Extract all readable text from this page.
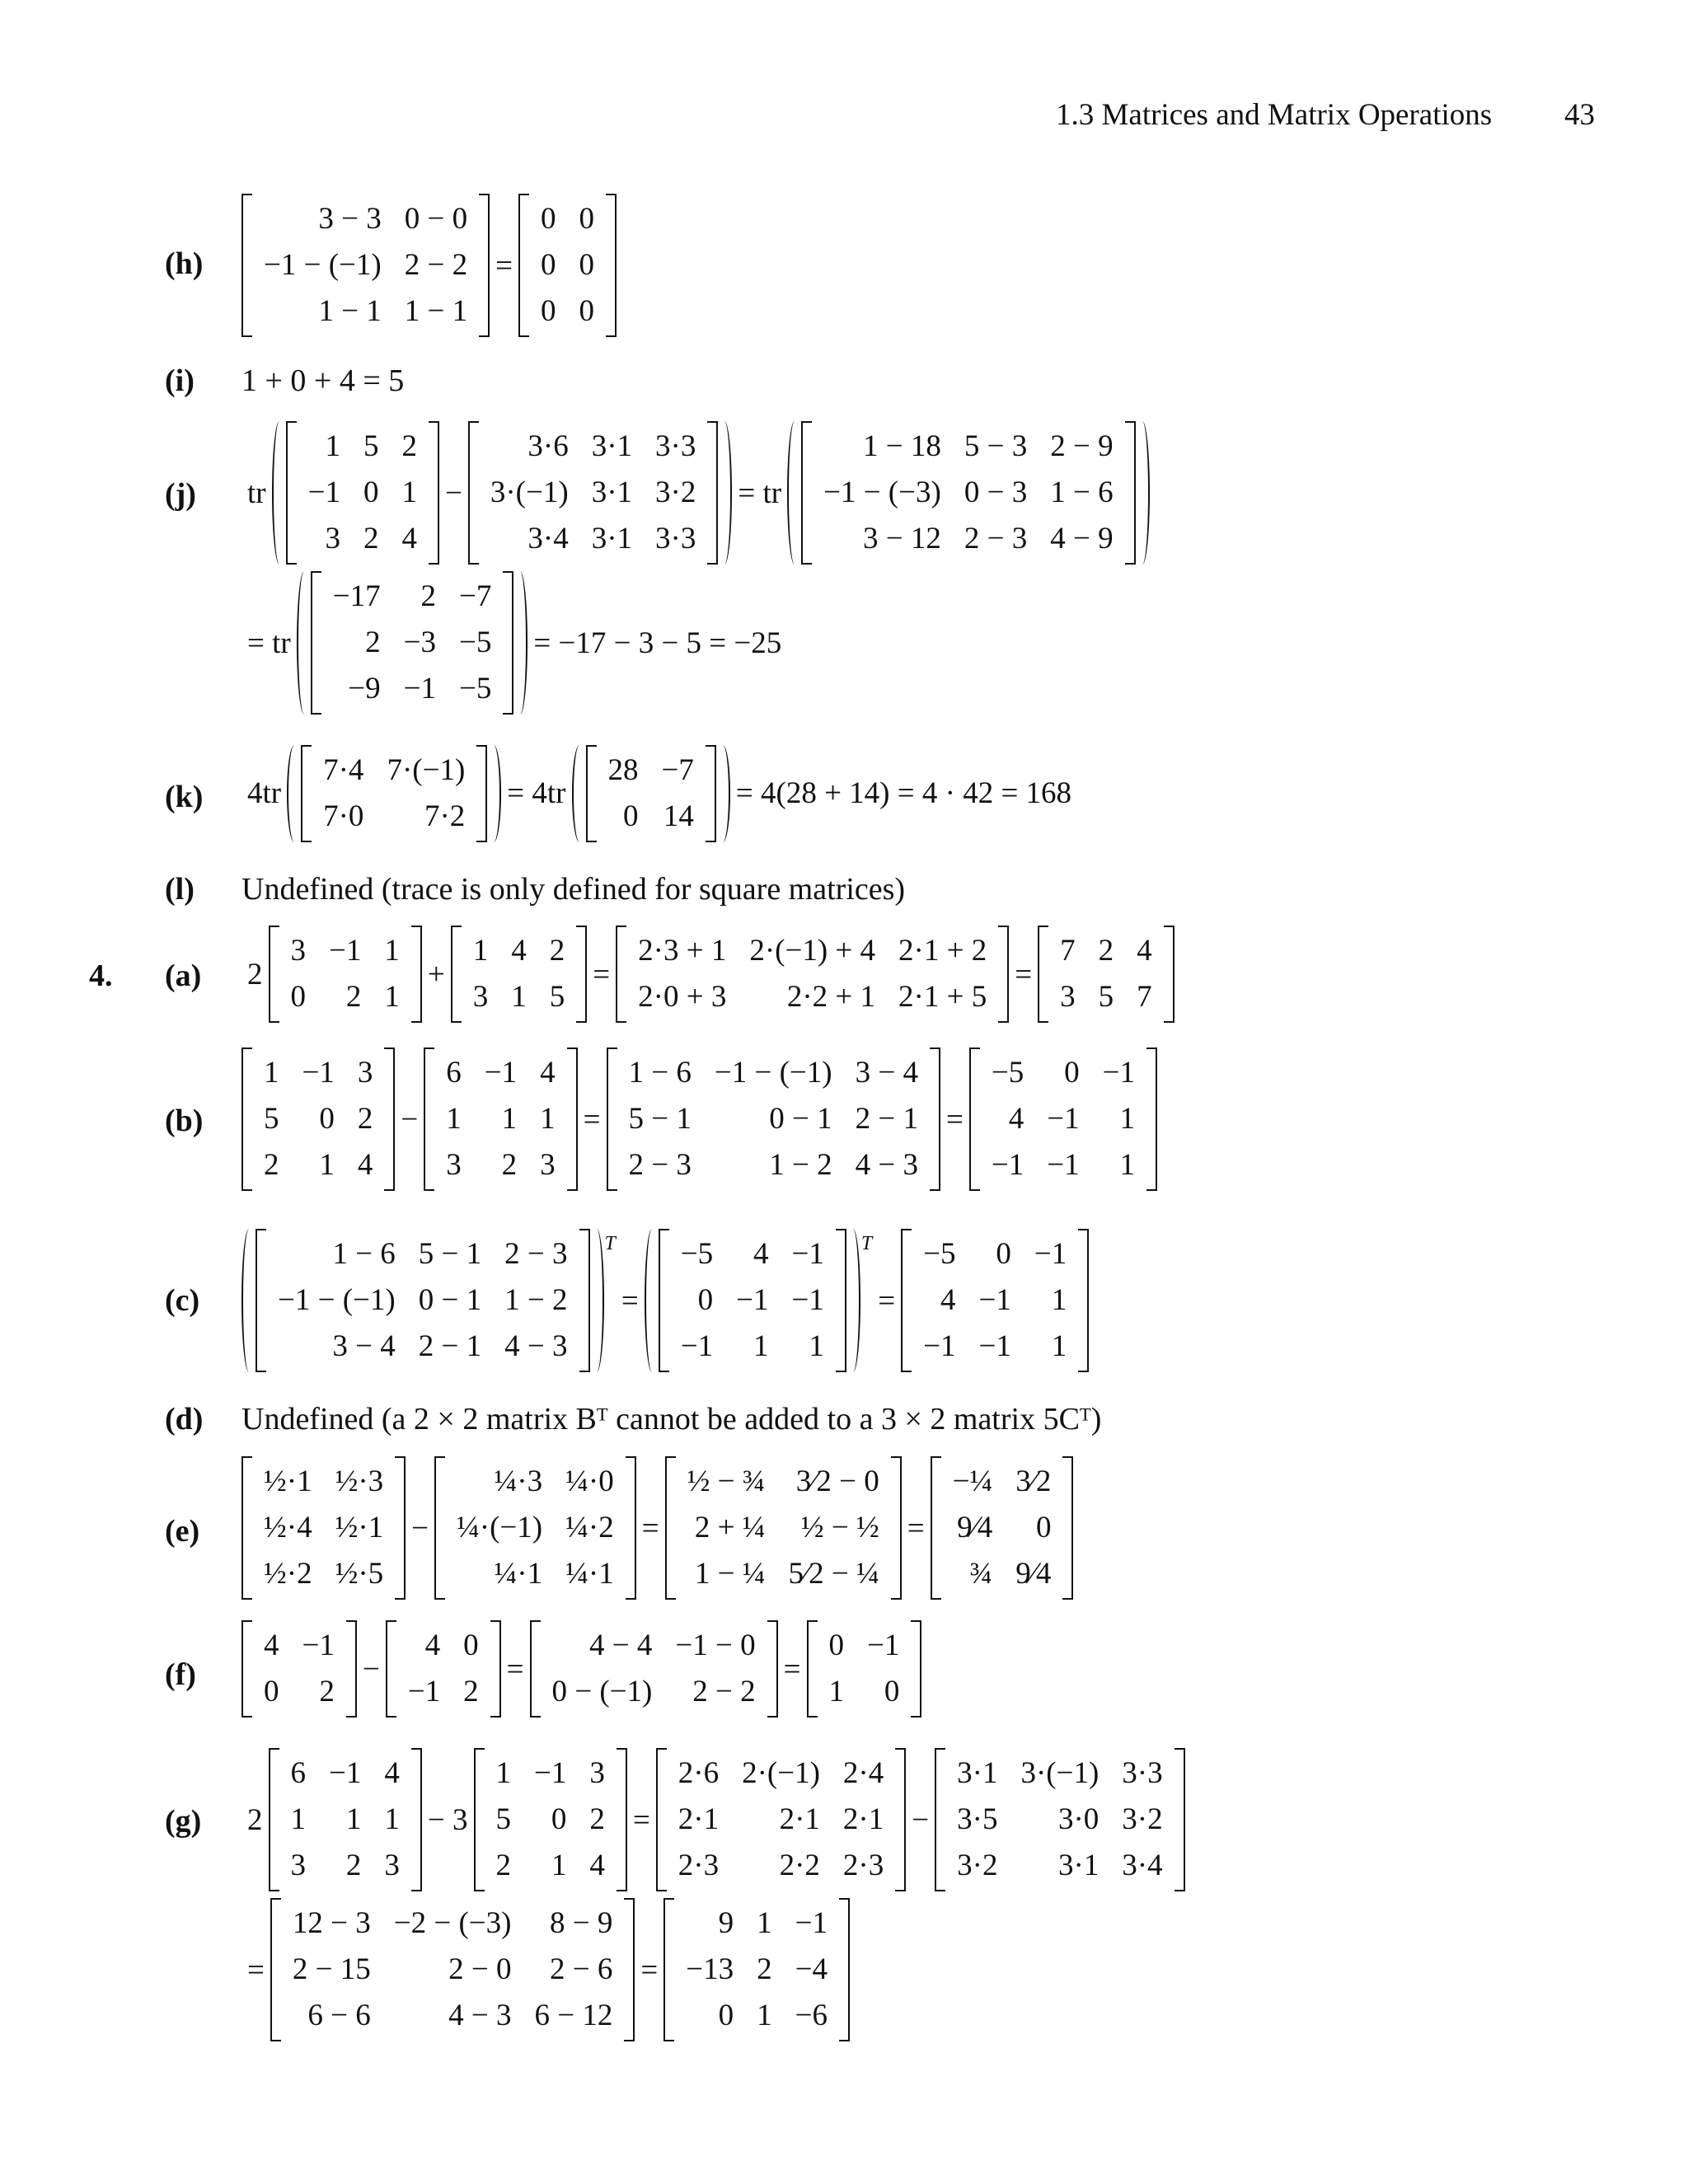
1.3 Matrices and Matrix Operations 43
(h)
3 − 3	0 − 0
−1 − (−1)	2 − 2
1 − 1	1 − 1
=
0	0
0	0
0	0
(i) 1 + 0 + 4 = 5
(j) tr
1	5	2
−1	0	1
3	2	4
−
3·6	3·1	3·3
3·(−1)	3·1	3·2
3·4	3·1	3·3
= tr
1 − 18	5 − 3	2 − 9
−1 − (−3)	0 − 3	1 − 6
3 − 12	2 − 3	4 − 9
= tr
−17	2	−7
2	−3	−5
−9	−1	−5
= −17 − 3 − 5 = −25
(k) 4tr
7·4	7·(−1)
7·0	7·2
= 4tr
28	−7
0	14
= 4(28 + 14) = 4 · 42 = 168
(l) Undefined (trace is only defined for square matrices)
4. (a) 2
3	−1	1
0	2	1
+
1	4	2
3	1	5
=
2·3 + 1	2·(−1) + 4	2·1 + 2
2·0 + 3	2·2 + 1	2·1 + 5
=
7	2	4
3	5	7
(b)
1	−1	3
5	0	2
2	1	4
−
6	−1	4
1	1	1
3	2	3
=
1 − 6	−1 − (−1)	3 − 4
5 − 1	0 − 1	2 − 1
2 − 3	1 − 2	4 − 3
=
−5	0	−1
4	−1	1
−1	−1	1
(c)
1 − 6	5 − 1	2 − 3
−1 − (−1)	0 − 1	1 − 2
3 − 4	2 − 1	4 − 3
$^T$
=
−5	4	−1
0	−1	−1
−1	1	1
$^T$
=
−5	0	−1
4	−1	1
−1	−1	1
(d) Undefined (a 2 × 2 matrix Bᵀ cannot be added to a 3 × 2 matrix 5Cᵀ)
(e)
½·1	½·3
½·4	½·1
½·2	½·5
−
¼·3	¼·0
¼·(−1)	¼·2
¼·1	¼·1
=
½ − ¾	3⁄2 − 0
2 + ¼	½ − ½
1 − ¼	5⁄2 − ¼
=
−¼	3⁄2
9⁄4	0
¾	9⁄4
(f)
4	−1
0	2
−
4	0
−1	2
=
4 − 4	−1 − 0
0 − (−1)	2 − 2
=
0	−1
1	0
(g) 2
6	−1	4
1	1	1
3	2	3
− 3
1	−1	3
5	0	2
2	1	4
=
2·6	2·(−1)	2·4
2·1	2·1	2·1
2·3	2·2	2·3
−
3·1	3·(−1)	3·3
3·5	3·0	3·2
3·2	3·1	3·4
=
12 − 3	−2 − (−3)	8 − 9
2 − 15	2 − 0	2 − 6
6 − 6	4 − 3	6 − 12
=
9	1	−1
−13	2	−4
0	1	−6
